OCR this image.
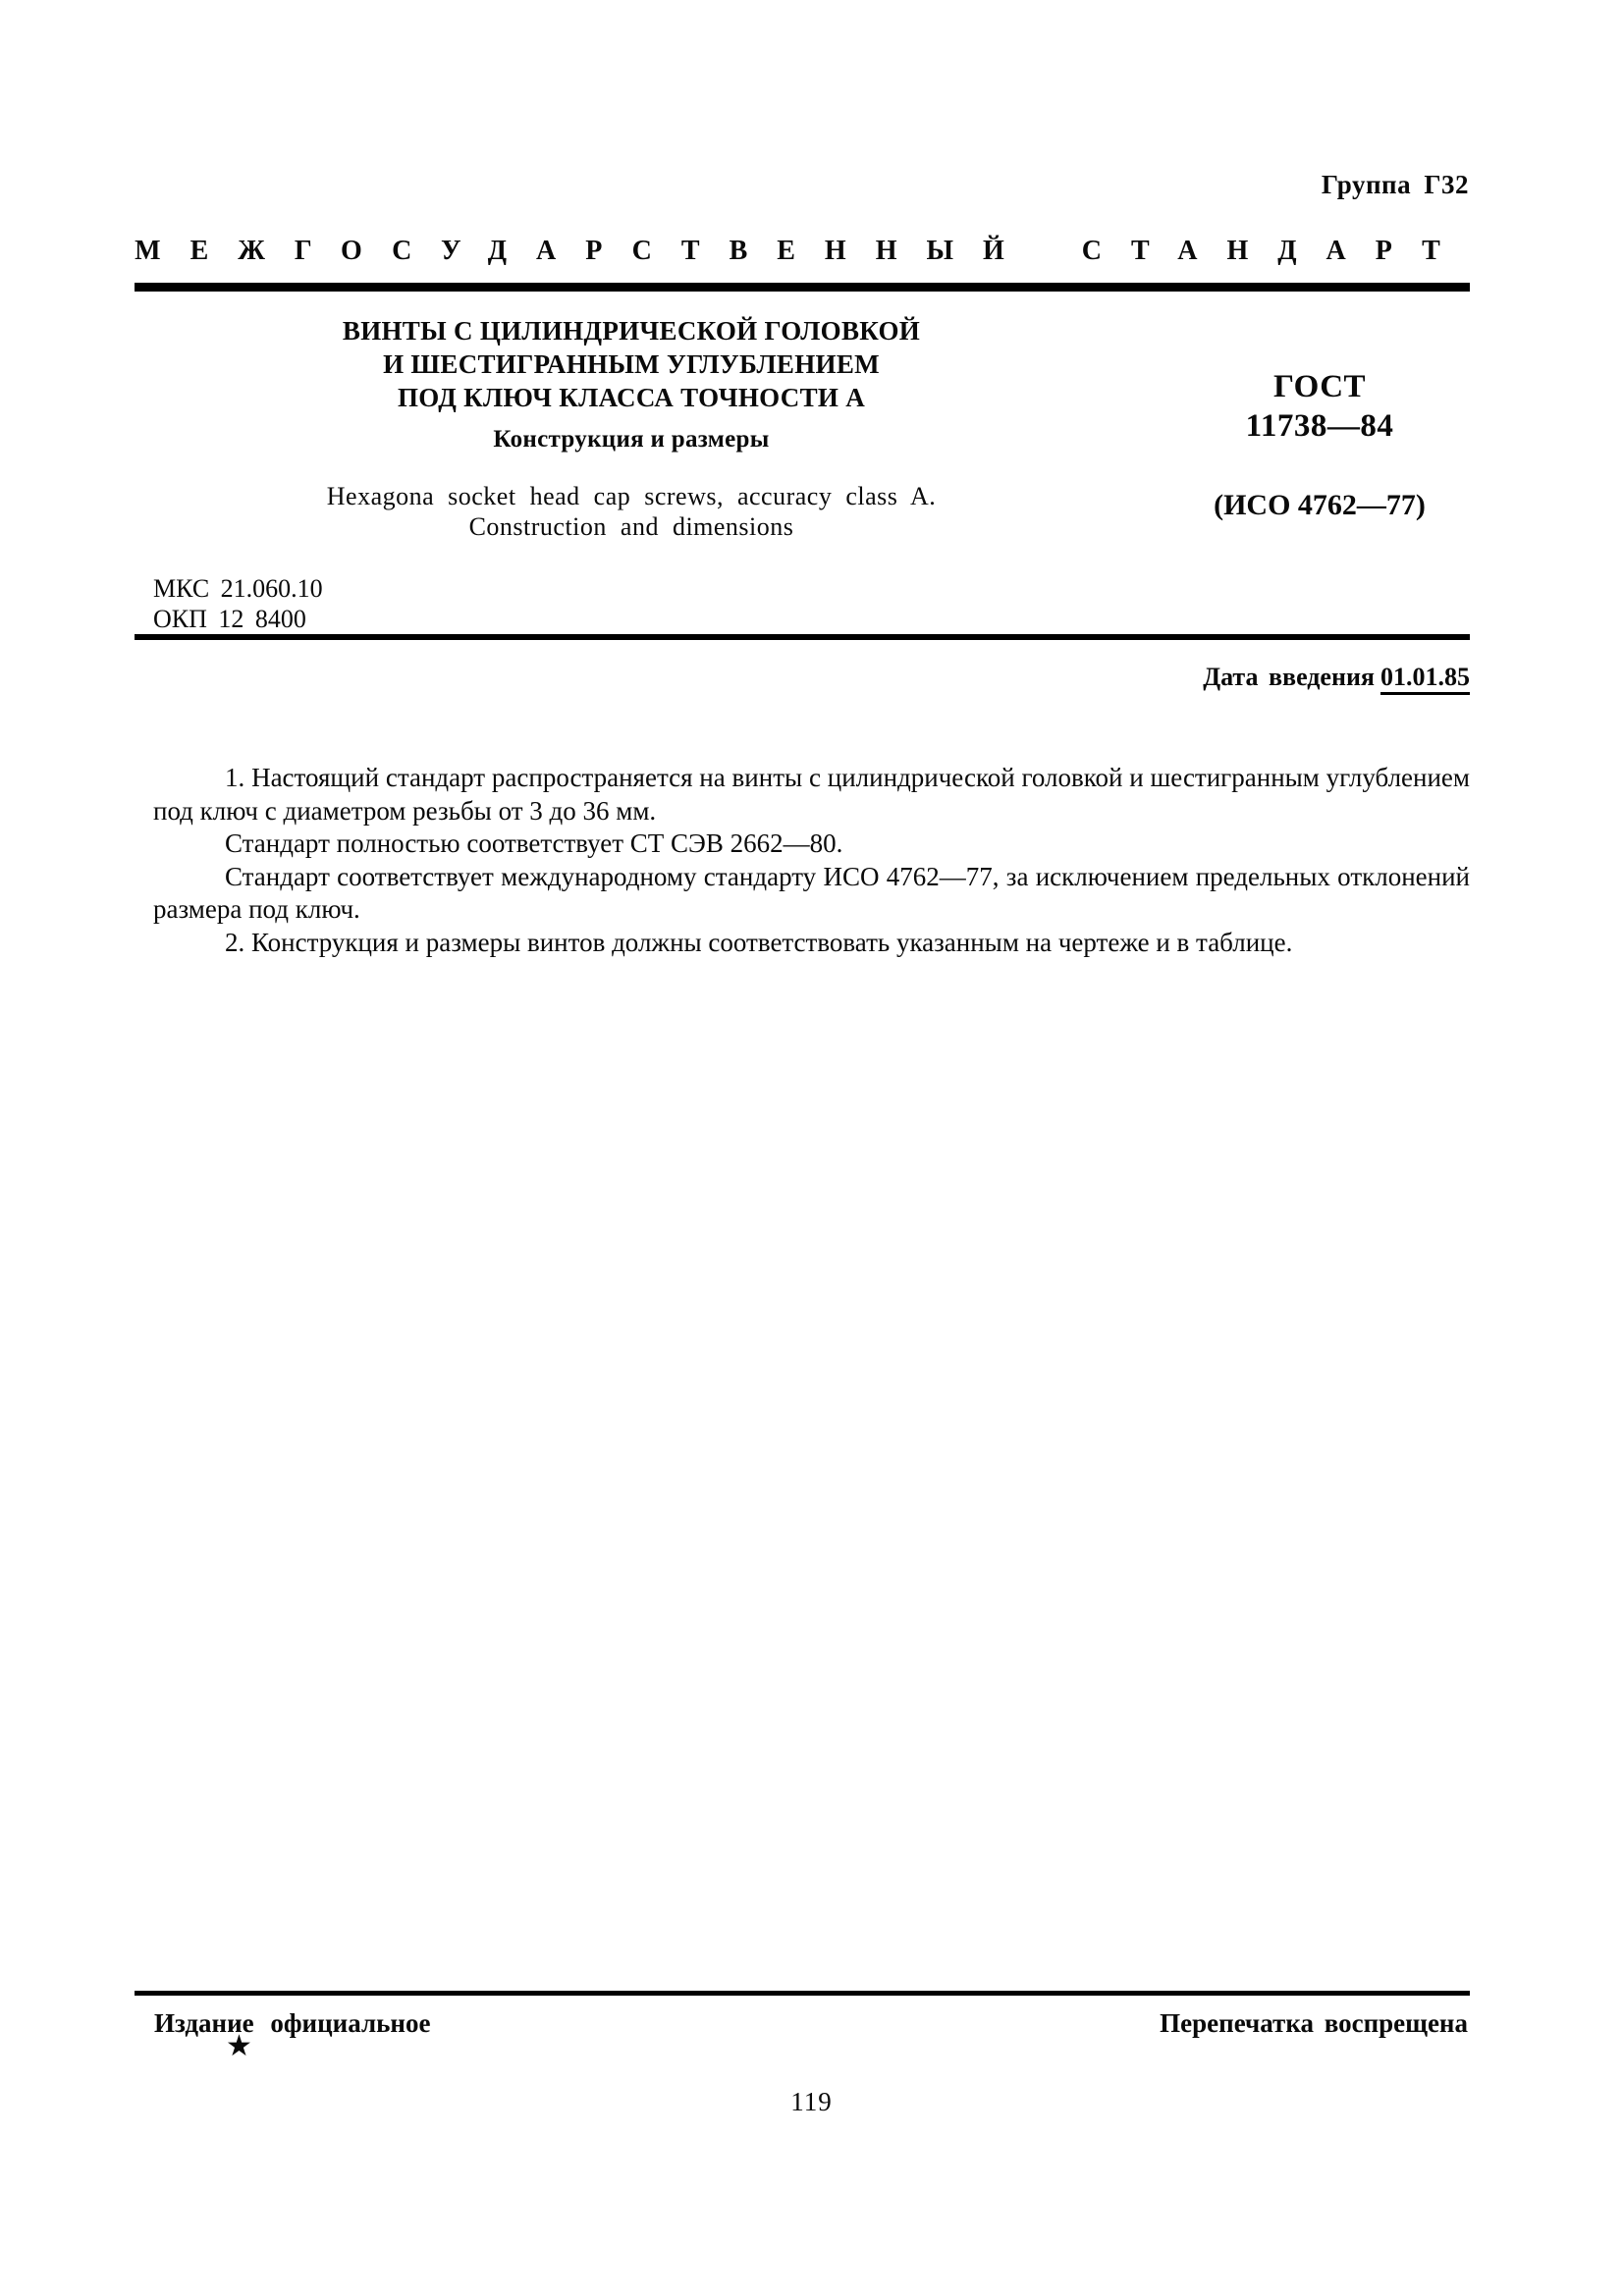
Группа Г32
МЕЖГОСУДАРСТВЕННЫЙ СТАНДАРТ
ВИНТЫ С ЦИЛИНДРИЧЕСКОЙ ГОЛОВКОЙ
И ШЕСТИГРАННЫМ УГЛУБЛЕНИЕМ
ПОД КЛЮЧ КЛАССА ТОЧНОСТИ А
Конструкция и размеры
Hexagona socket head cap screws, accuracy class A.
Construction and dimensions
ГОСТ
11738—84
(ИСО 4762—77)
МКС 21.060.10
ОКП 12 8400
Дата введения 01.01.85

1. Настоящий стандарт распространяется на винты с цилиндрической головкой и шестигранным углублением под ключ с диаметром резьбы от 3 до 36 мм.

Стандарт полностью соответствует СТ СЭВ 2662—80.

Стандарт соответствует международному стандарту ИСО 4762—77, за исключением предельных отклонений размера под ключ.

2. Конструкция и размеры винтов должны соответствовать указанным на чертеже и в таблице.

Издание официальное	Перепечатка воспрещена
★
119
